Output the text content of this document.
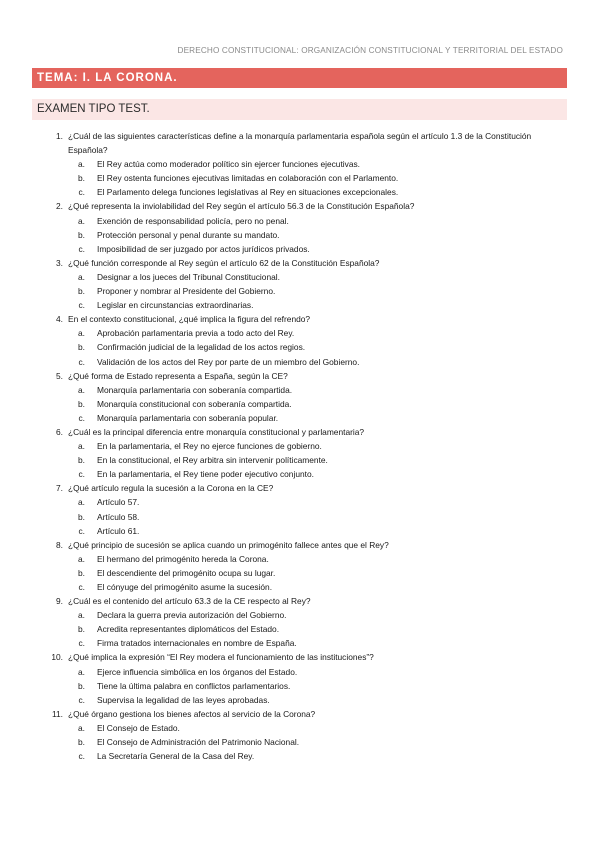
DERECHO CONSTITUCIONAL: ORGANIZACIÓN CONSTITUCIONAL Y TERRITORIAL DEL ESTADO
TEMA: I. LA CORONA.
EXAMEN TIPO TEST.
1. ¿Cuál de las siguientes características define a la monarquía parlamentaria española según el artículo 1.3 de la Constitución Española?
a.	El Rey actúa como moderador político sin ejercer funciones ejecutivas.
b.	El Rey ostenta funciones ejecutivas limitadas en colaboración con el Parlamento.
c.	El Parlamento delega funciones legislativas al Rey en situaciones excepcionales.
2. ¿Qué representa la inviolabilidad del Rey según el artículo 56.3 de la Constitución Española?
a.	Exención de responsabilidad policía, pero no penal.
b.	Protección personal y penal durante su mandato.
c.	Imposibilidad de ser juzgado por actos jurídicos privados.
3. ¿Qué función corresponde al Rey según el artículo 62 de la Constitución Española?
a.	Designar a los jueces del Tribunal Constitucional.
b.	Proponer y nombrar al Presidente del Gobierno.
c.	Legislar en circunstancias extraordinarias.
4. En el contexto constitucional, ¿qué implica la figura del refrendo?
a.	Aprobación parlamentaria previa a todo acto del Rey.
b.	Confirmación judicial de la legalidad de los actos regios.
c.	Validación de los actos del Rey por parte de un miembro del Gobierno.
5. ¿Qué forma de Estado representa a España, según la CE?
a.	Monarquía parlamentaria con soberanía compartida.
b.	Monarquía constitucional con soberanía compartida.
c.	Monarquía parlamentaria con soberanía popular.
6. ¿Cuál es la principal diferencia entre monarquía constitucional y parlamentaria?
a.	En la parlamentaria, el Rey no ejerce funciones de gobierno.
b.	En la constitucional, el Rey arbitra sin intervenir políticamente.
c.	En la parlamentaria, el Rey tiene poder ejecutivo conjunto.
7. ¿Qué artículo regula la sucesión a la Corona en la CE?
a.	Artículo 57.
b.	Artículo 58.
c.	Artículo 61.
8. ¿Qué principio de sucesión se aplica cuando un primogénito fallece antes que el Rey?
a.	El hermano del primogénito hereda la Corona.
b.	El descendiente del primogénito ocupa su lugar.
c.	El cónyuge del primogénito asume la sucesión.
9. ¿Cuál es el contenido del artículo 63.3 de la CE respecto al Rey?
a.	Declara la guerra previa autorización del Gobierno.
b.	Acredita representantes diplomáticos del Estado.
c.	Firma tratados internacionales en nombre de España.
10. ¿Qué implica la expresión “El Rey modera el funcionamiento de las instituciones”?
a.	Ejerce influencia simbólica en los órganos del Estado.
b.	Tiene la última palabra en conflictos parlamentarios.
c.	Supervisa la legalidad de las leyes aprobadas.
11. ¿Qué órgano gestiona los bienes afectos al servicio de la Corona?
a.	El Consejo de Estado.
b.	El Consejo de Administración del Patrimonio Nacional.
c.	La Secretaría General de la Casa del Rey.
